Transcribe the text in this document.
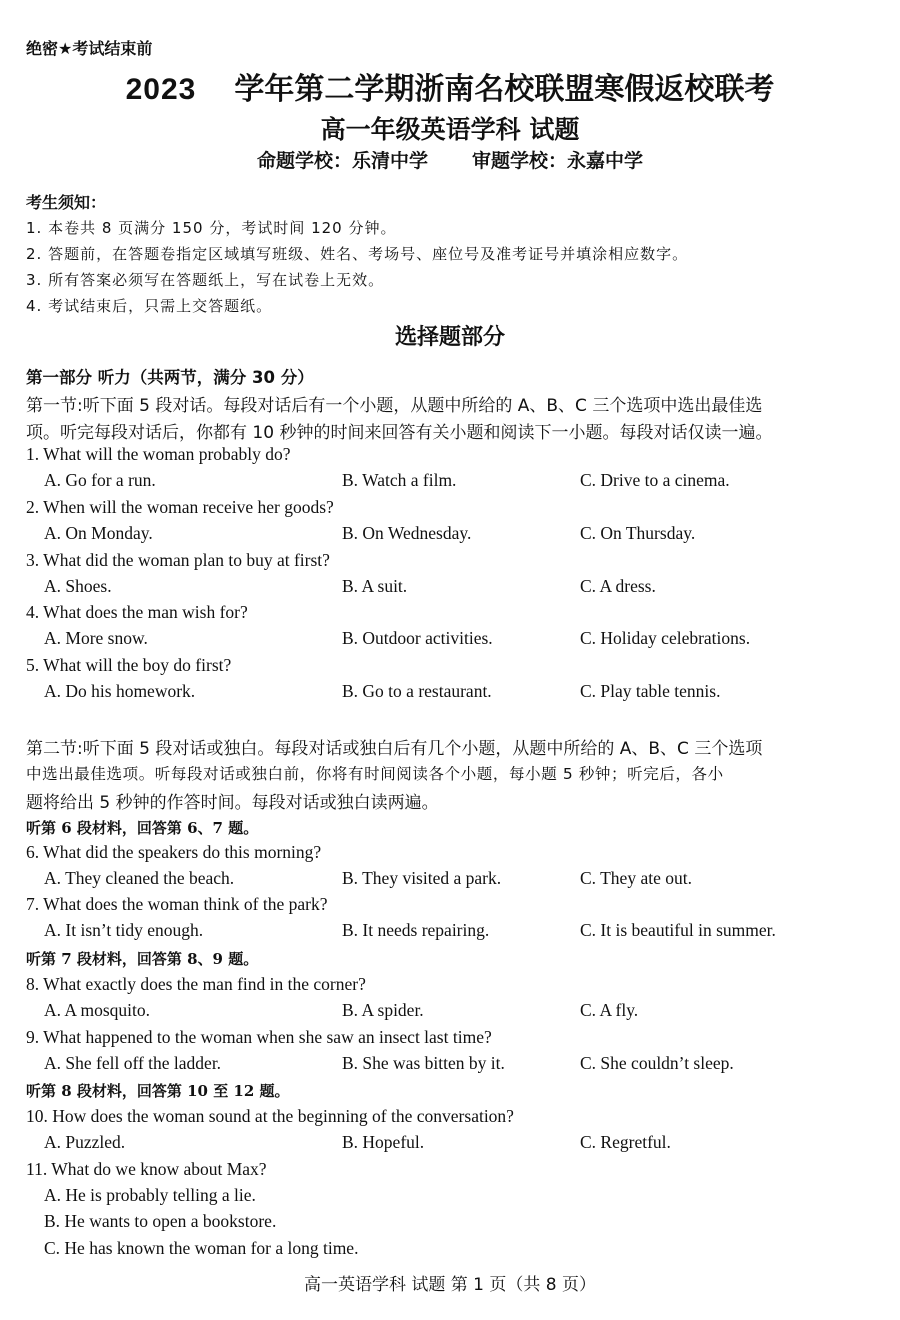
绝密★考试结束前
2023 学年第二学期浙南名校联盟寒假返校联考
高一年级英语学科 试题
命题学校：乐清中学 审题学校：永嘉中学
考生须知：
1. 本卷共 8 页满分 150 分，考试时间 120 分钟。
2. 答题前，在答题卷指定区域填写班级、姓名、考场号、座位号及准考证号并填涂相应数字。
3. 所有答案必须写在答题纸上，写在试卷上无效。
4. 考试结束后，只需上交答题纸。
选择题部分
第一部分 听力（共两节，满分 30 分）
第一节:听下面 5 段对话。每段对话后有一个小题，从题中所给的 A、B、C 三个选项中选出最佳选
项。听完每段对话后，你都有 10 秒钟的时间来回答有关小题和阅读下一小题。每段对话仅读一遍。
1. What will the woman probably do?
A. Go for a run.	B. Watch a film.	C. Drive to a cinema.
2. When will the woman receive her goods?
A. On Monday.	B. On Wednesday.	C. On Thursday.
3. What did the woman plan to buy at first?
A. Shoes.	B. A suit.	C. A dress.
4. What does the man wish for?
A. More snow.	B. Outdoor activities.	C. Holiday celebrations.
5. What will the boy do first?
A. Do his homework.	B. Go to a restaurant.	C. Play table tennis.
第二节:听下面 5 段对话或独白。每段对话或独白后有几个小题，从题中所给的 A、B、C 三个选项
中选出最佳选项。听每段对话或独白前，你将有时间阅读各个小题，每小题 5 秒钟；听完后，各小
题将给出 5 秒钟的作答时间。每段对话或独白读两遍。
听第 6 段材料，回答第 6、7 题。
6. What did the speakers do this morning?
A. They cleaned the beach.	B. They visited a park.	C. They ate out.
7. What does the woman think of the park?
A. It isn’t tidy enough.	B. It needs repairing.	C. It is beautiful in summer.
听第 7 段材料，回答第 8、9 题。
8. What exactly does the man find in the corner?
A. A mosquito.	B. A spider.	C. A fly.
9. What happened to the woman when she saw an insect last time?
A. She fell off the ladder.	B. She was bitten by it.	C. She couldn’t sleep.
听第 8 段材料，回答第 10 至 12 题。
10. How does the woman sound at the beginning of the conversation?
A. Puzzled.	B. Hopeful.	C. Regretful.
11. What do we know about Max?
A. He is probably telling a lie.
B. He wants to open a bookstore.
C. He has known the woman for a long time.
高一英语学科 试题 第 1 页（共 8 页）
